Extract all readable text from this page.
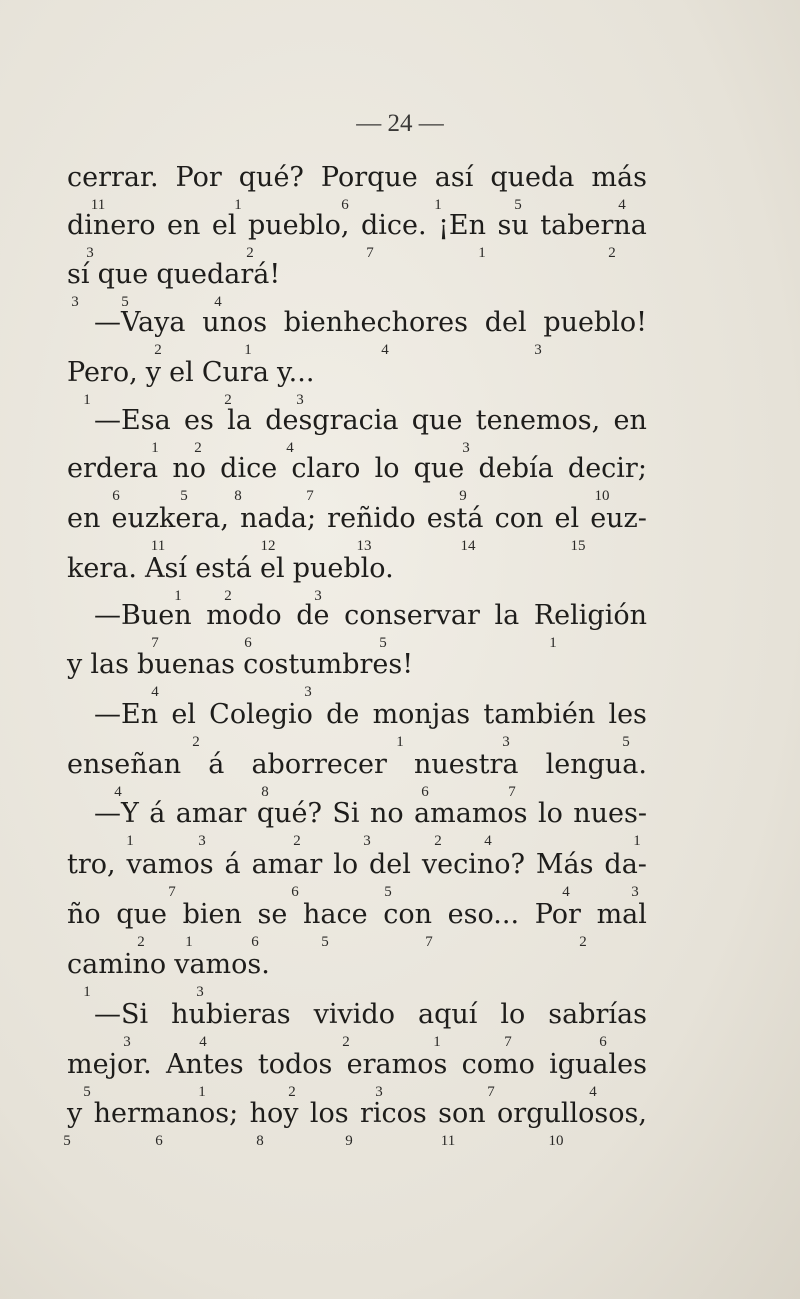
— 24 —
cerrar. Por qué? Porque así queda más
11	1	6	1	5	4
dinero en el pueblo, dice. ¡En su taberna
3	2	7	1	2
sí que quedará!
3	5	4
—Vaya unos bienhechores del pueblo!
2	1	4	3
Pero, y el Cura y...
1	2	3
—Esa es la desgracia que tenemos, en
1 2	4	3
erdera no dice claro lo que debía decir;
6	5	8	7	9	10
en euzkera, nada; reñido está con el euz-
11	12	13	14	15
kera. Así está el pueblo.
1	2	3
—Buen modo de conservar la Religión
7	6	5	1
y las buenas costumbres!
4	3
—En el Colegio de monjas también les
2	1	3	5
enseñan á aborrecer nuestra lengua.
4	8	6	7
—Y á amar qué? Si no amamos lo nues-
1	3	2	3	2	4	1
tro, vamos á amar lo del vecino? Más da-
7	6	5	4	3
ño que bien se hace con eso... Por mal
2	1	6	5	7	2
camino vamos.
1	3
—Si hubieras vivido aquí lo sabrías
3	4	2	1	7	6
mejor. Antes todos eramos como iguales
5	1	2	3	7	4
y hermanos; hoy los ricos son orgullosos,
5	6	8	9	11	10
